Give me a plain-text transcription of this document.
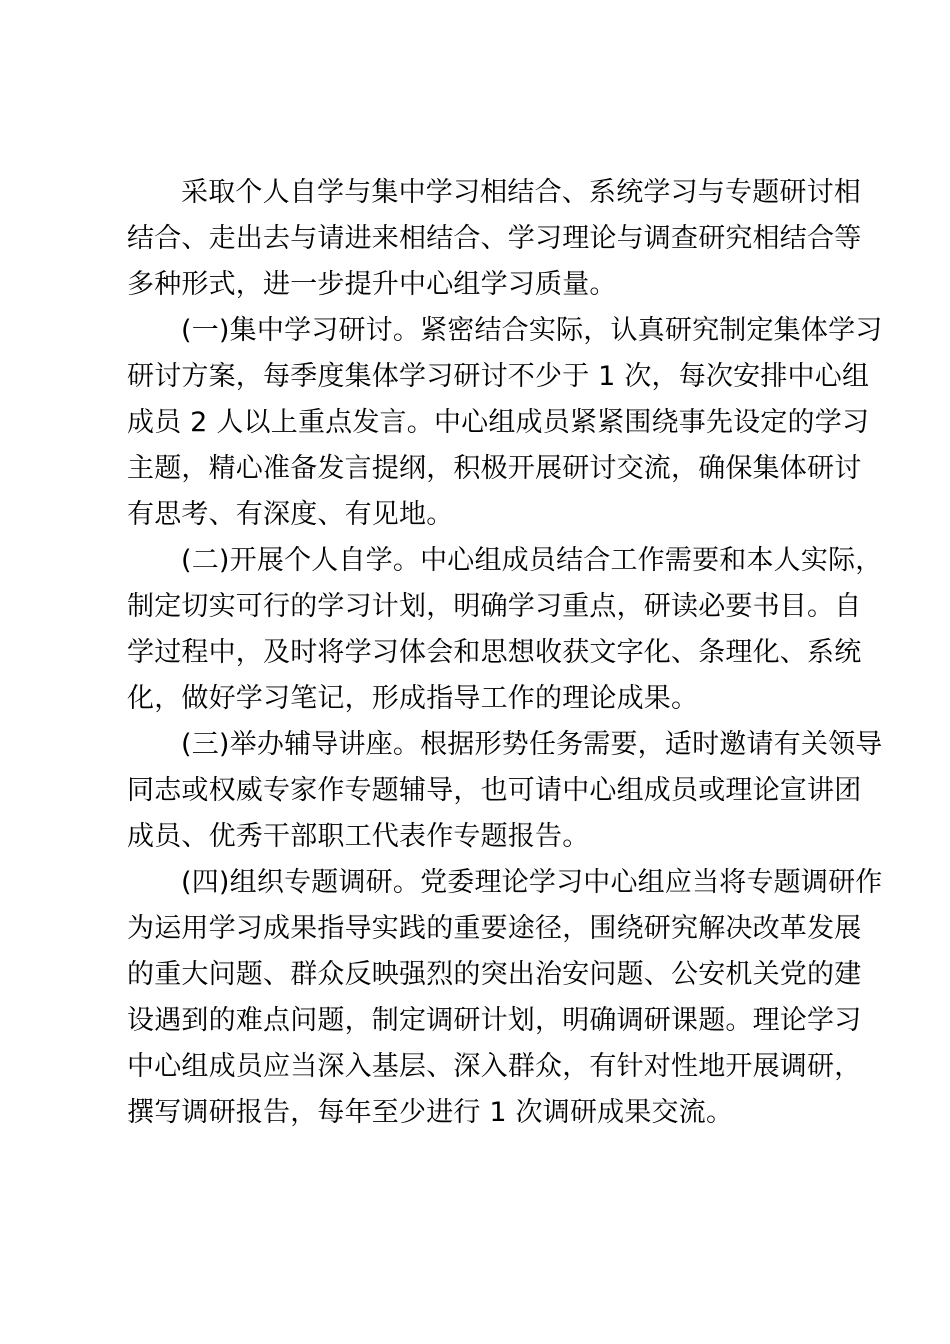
采取个人自学与集中学习相结合、系统学习与专题研讨相
结合、走出去与请进来相结合、学习理论与调查研究相结合等
多种形式，进一步提升中心组学习质量。
(一)集中学习研讨。紧密结合实际，认真研究制定集体学习
研讨方案，每季度集体学习研讨不少于 1 次，每次安排中心组
成员 2 人以上重点发言。中心组成员紧紧围绕事先设定的学习
主题，精心准备发言提纲，积极开展研讨交流，确保集体研讨
有思考、有深度、有见地。
(二)开展个人自学。中心组成员结合工作需要和本人实际，
制定切实可行的学习计划，明确学习重点，研读必要书目。自
学过程中，及时将学习体会和思想收获文字化、条理化、系统
化，做好学习笔记，形成指导工作的理论成果。
(三)举办辅导讲座。根据形势任务需要，适时邀请有关领导
同志或权威专家作专题辅导，也可请中心组成员或理论宣讲团
成员、优秀干部职工代表作专题报告。
(四)组织专题调研。党委理论学习中心组应当将专题调研作
为运用学习成果指导实践的重要途径，围绕研究解决改革发展
的重大问题、群众反映强烈的突出治安问题、公安机关党的建
设遇到的难点问题，制定调研计划，明确调研课题。理论学习
中心组成员应当深入基层、深入群众，有针对性地开展调研，
撰写调研报告，每年至少进行 1 次调研成果交流。
